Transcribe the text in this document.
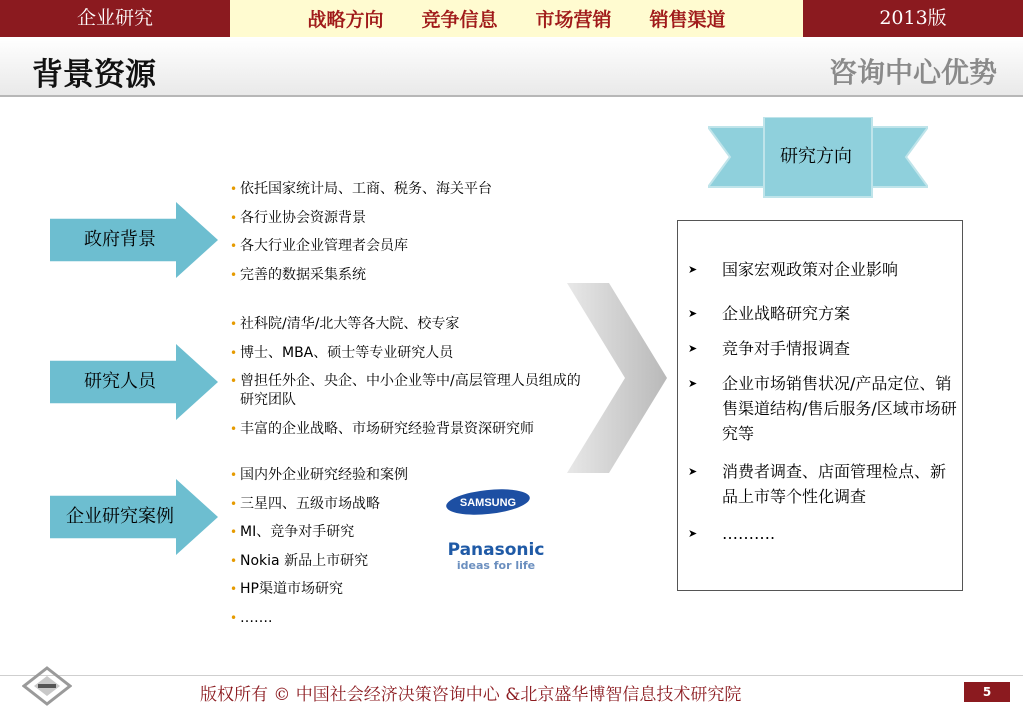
企业研究	战略方向 竞争信息 市场营销 销售渠道	2013版
背景资源	咨询中心优势
政府背景
• 依托国家统计局、工商、税务、海关平台
• 各行业协会资源背景
• 各大行业企业管理者会员库
• 完善的数据采集系统
研究人员
• 社科院/清华/北大等各大院、校专家
• 博士、MBA、硕士等专业研究人员
• 曾担任外企、央企、中小企业等中/高层管理人员组成的研究团队
• 丰富的企业战略、市场研究经验背景资深研究师
企业研究案例
• 国内外企业研究经验和案例
• 三星四、五级市场战略
• MI、竞争对手研究
• Nokia 新品上市研究
• HP渠道市场研究
• …….
SAMSUNG
Panasonic
ideas for life
研究方向
➤ 国家宏观政策对企业影响
➤ 企业战略研究方案
➤ 竞争对手情报调查
➤ 企业市场销售状况/产品定位、销售渠道结构/售后服务/区域市场研究等
➤ 消费者调查、店面管理检点、新品上市等个性化调查
➤ ……….
版权所有 © 中国社会经济决策咨询中心 &北京盛华博智信息技术研究院	5
